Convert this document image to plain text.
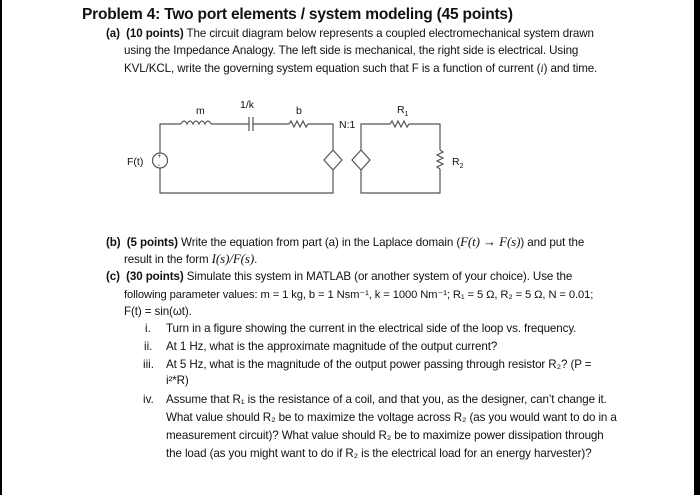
Problem 4: Two port elements / system modeling (45 points)
(a) (10 points) The circuit diagram below represents a coupled electromechanical system drawn
using the Impedance Analogy. The left side is mechanical, the right side is electrical. Using
KVL/KCL, write the governing system equation such that F is a function of current (i) and time.
m	1/k	b
N:1
$R_1$
$R_2$
F(t) +
−
(b) (5 points) Write the equation from part (a) in the Laplace domain (F(t) → F(s)) and put the
result in the form I(s)/F(s).
(c) (30 points) Simulate this system in MATLAB (or another system of your choice). Use the
following parameter values: m = 1 kg, b = 1 Nsm⁻¹, k = 1000 Nm⁻¹; R₁ = 5 Ω, R₂ = 5 Ω, N = 0.01;
F(t) = sin(ωt).
i. Turn in a figure showing the current in the electrical side of the loop vs. frequency.
ii. At 1 Hz, what is the approximate magnitude of the output current?
iii. At 5 Hz, what is the magnitude of the output power passing through resistor R₂? (P =
i²*R)
iv. Assume that R₁ is the resistance of a coil, and that you, as the designer, can’t change it.
What value should R₂ be to maximize the voltage across R₂ (as you would want to do in a
measurement circuit)? What value should R₂ be to maximize power dissipation through
the load (as you might want to do if R₂ is the electrical load for an energy harvester)?
